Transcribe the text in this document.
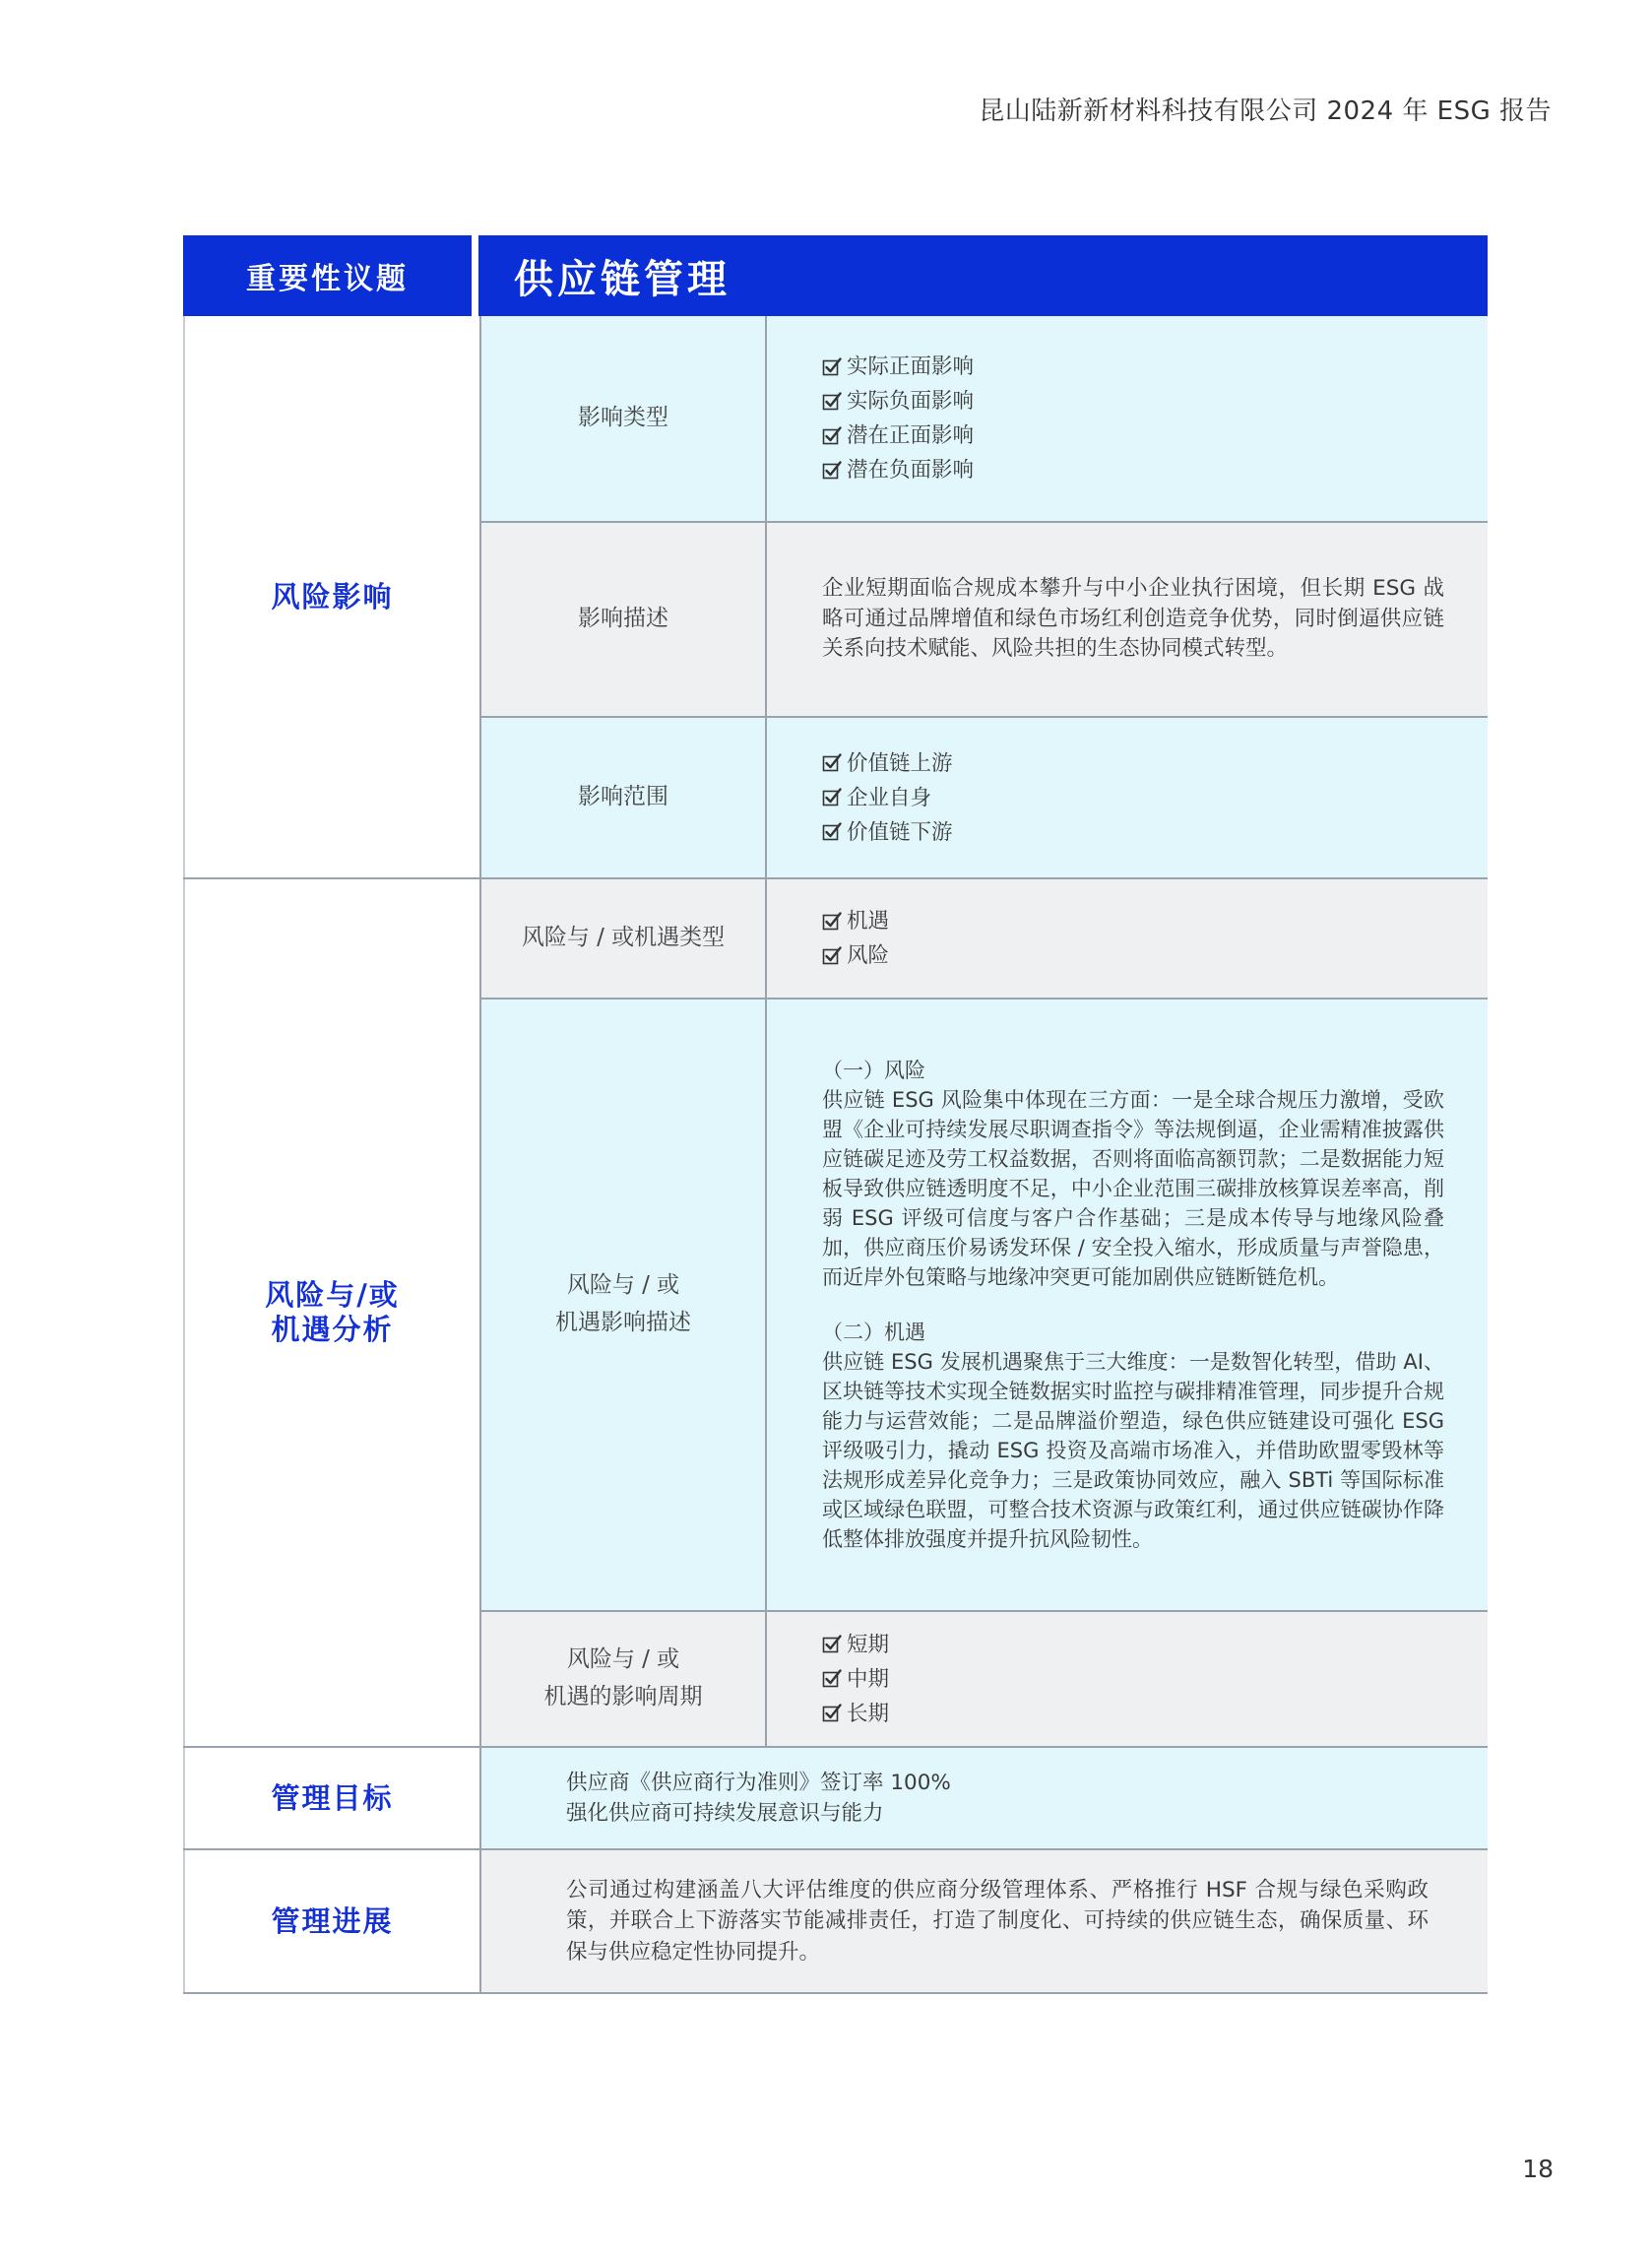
昆山陆新新材料科技有限公司 2024 年 ESG 报告
重要性议题	供应链管理
风险影响
影响类型
实际正面影响
实际负面影响
潜在正面影响
潜在负面影响
影响描述
企业短期面临合规成本攀升与中小企业执行困境，但长期 ESG 战略可通过品牌增值和绿色市场红利创造竞争优势，同时倒逼供应链关系向技术赋能、风险共担的生态协同模式转型。
影响范围
价值链上游
企业自身
价值链下游
风险与/或
机遇分析
风险与 / 或机遇类型
机遇
风险
风险与 / 或
机遇影响描述
（一）风险
供应链 ESG 风险集中体现在三方面：一是全球合规压力激增，受欧盟《企业可持续发展尽职调查指令》等法规倒逼，企业需精准披露供应链碳足迹及劳工权益数据，否则将面临高额罚款；二是数据能力短板导致供应链透明度不足，中小企业范围三碳排放核算误差率高，削弱 ESG 评级可信度与客户合作基础；三是成本传导与地缘风险叠加，供应商压价易诱发环保 / 安全投入缩水，形成质量与声誉隐患，而近岸外包策略与地缘冲突更可能加剧供应链断链危机。
（二）机遇
供应链 ESG 发展机遇聚焦于三大维度：一是数智化转型，借助 AI、区块链等技术实现全链数据实时监控与碳排精准管理，同步提升合规能力与运营效能；二是品牌溢价塑造，绿色供应链建设可强化 ESG 评级吸引力，撬动 ESG 投资及高端市场准入，并借助欧盟零毁林等法规形成差异化竞争力；三是政策协同效应，融入 SBTi 等国际标准或区域绿色联盟，可整合技术资源与政策红利，通过供应链碳协作降低整体排放强度并提升抗风险韧性。
风险与 / 或
机遇的影响周期
短期
中期
长期
管理目标	供应商《供应商行为准则》签订率 100%
强化供应商可持续发展意识与能力
管理进展
公司通过构建涵盖八大评估维度的供应商分级管理体系、严格推行 HSF 合规与绿色采购政策，并联合上下游落实节能减排责任，打造了制度化、可持续的供应链生态，确保质量、环保与供应稳定性协同提升。
18
